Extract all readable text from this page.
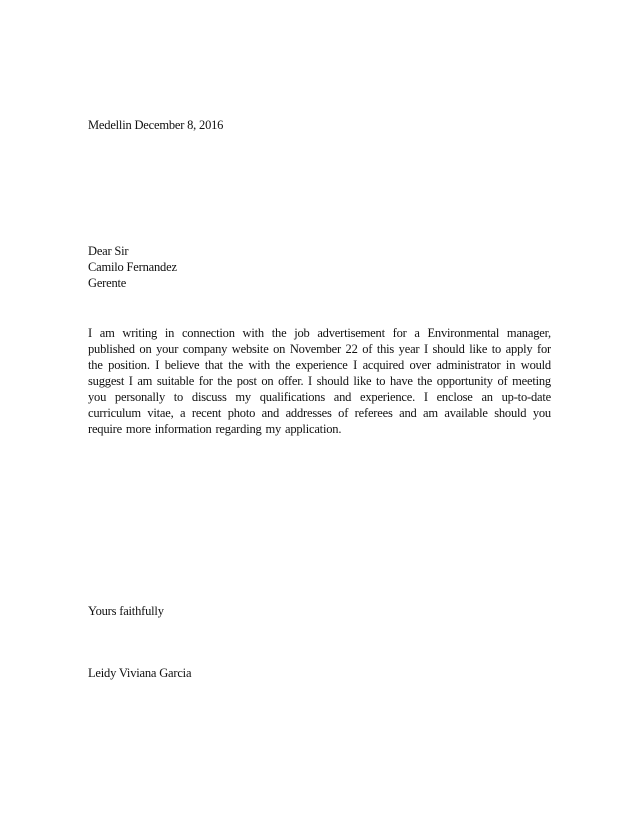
Medellin December 8, 2016
Dear Sir
Camilo Fernandez
Gerente
I am writing in connection with the job advertisement for a Environmental manager,
published on your company website on November 22 of this year I should like to apply for
the position. I believe that the with the experience I acquired over administrator in would
suggest I am suitable for the post on offer. I should like to have the opportunity of meeting
you personally to discuss my qualifications and experience. I enclose an up-to-date
curriculum vitae, a recent photo and addresses of referees and am available should you
require more information regarding my application.
Yours faithfully
Leidy Viviana Garcia
